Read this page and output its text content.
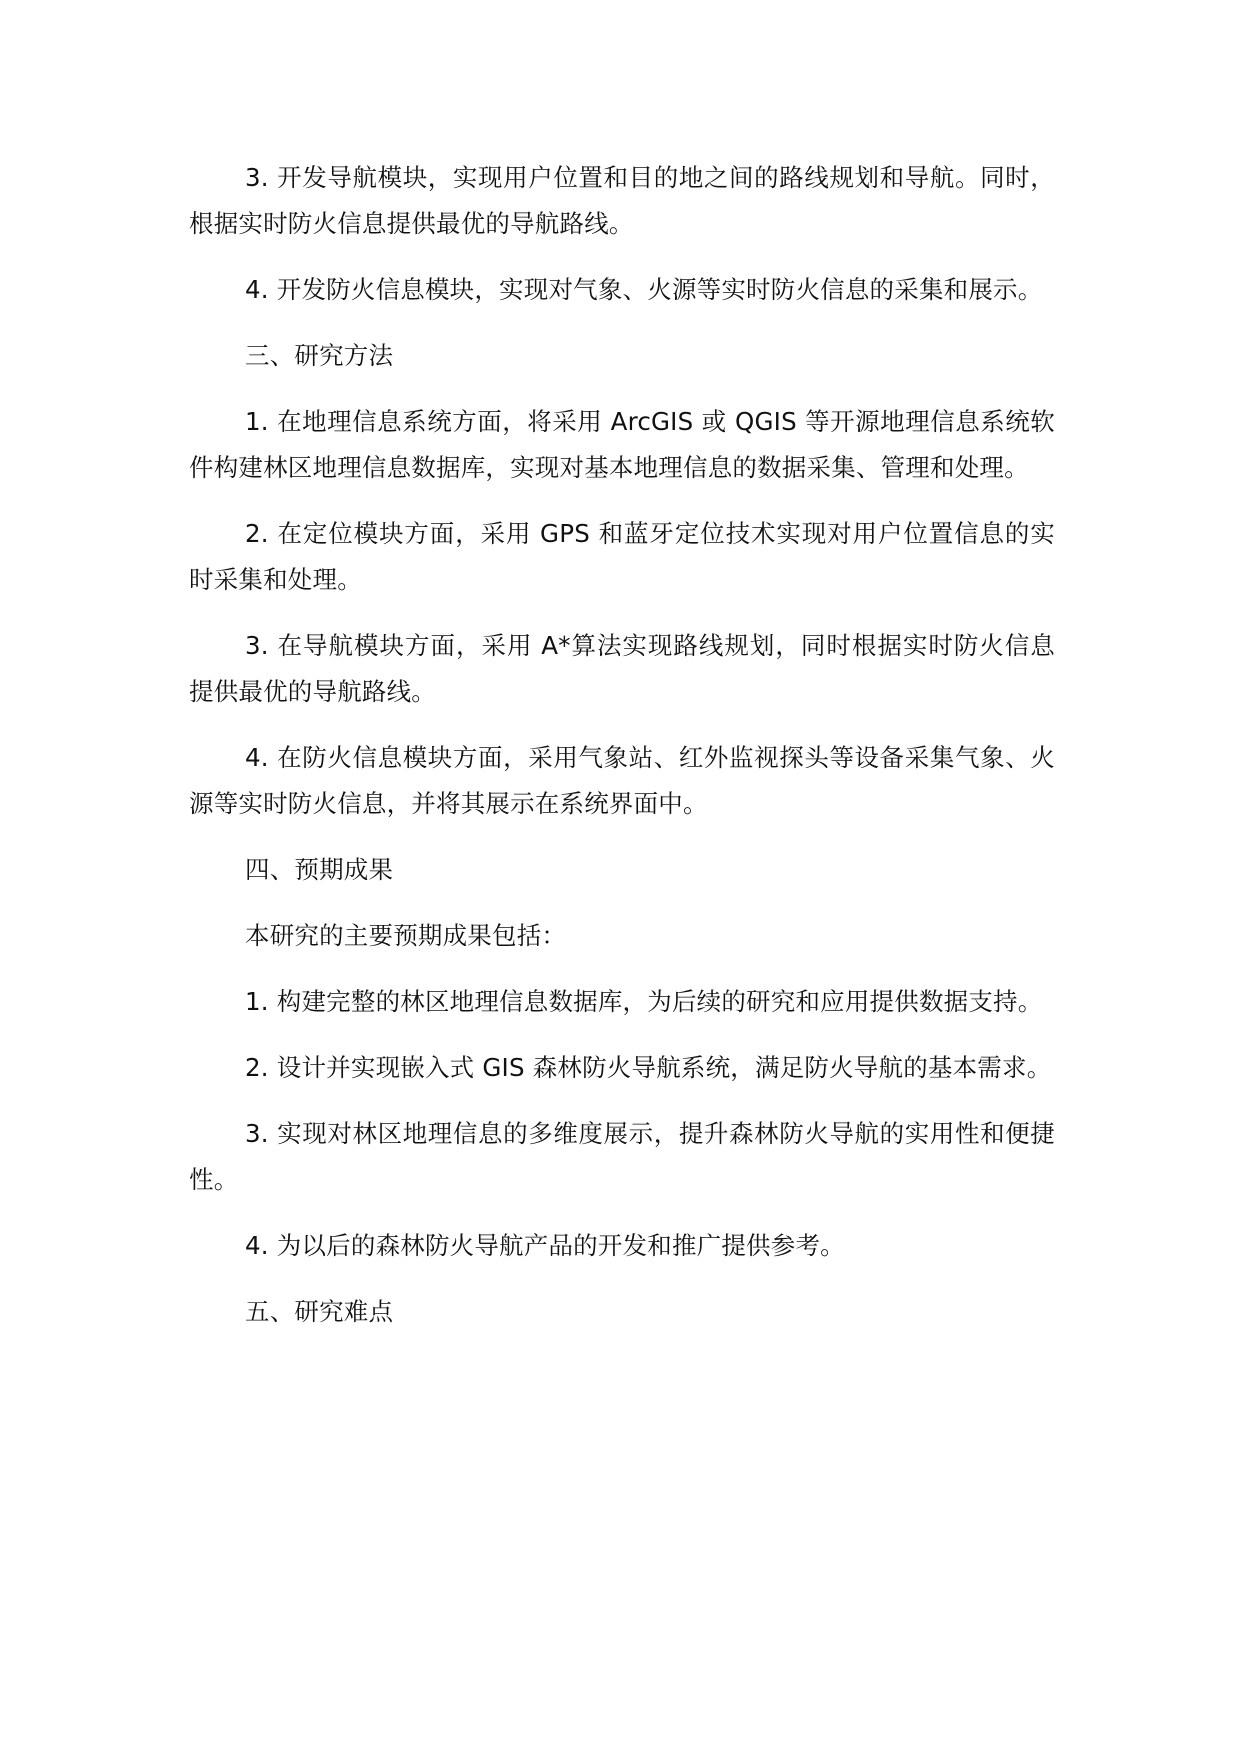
3. 开发导航模块，实现用户位置和目的地之间的路线规划和导航。同时，根据实时防火信息提供最优的导航路线。

4. 开发防火信息模块，实现对气象、火源等实时防火信息的采集和展示。

三、研究方法

1. 在地理信息系统方面，将采用 ArcGIS 或 QGIS 等开源地理信息系统软件构建林区地理信息数据库，实现对基本地理信息的数据采集、管理和处理。

2. 在定位模块方面，采用 GPS 和蓝牙定位技术实现对用户位置信息的实时采集和处理。

3. 在导航模块方面，采用 A*算法实现路线规划，同时根据实时防火信息提供最优的导航路线。

4. 在防火信息模块方面，采用气象站、红外监视探头等设备采集气象、火源等实时防火信息，并将其展示在系统界面中。

四、预期成果

本研究的主要预期成果包括：

1. 构建完整的林区地理信息数据库，为后续的研究和应用提供数据支持。

2. 设计并实现嵌入式 GIS 森林防火导航系统，满足防火导航的基本需求。

3. 实现对林区地理信息的多维度展示，提升森林防火导航的实用性和便捷性。

4. 为以后的森林防火导航产品的开发和推广提供参考。

五、研究难点
